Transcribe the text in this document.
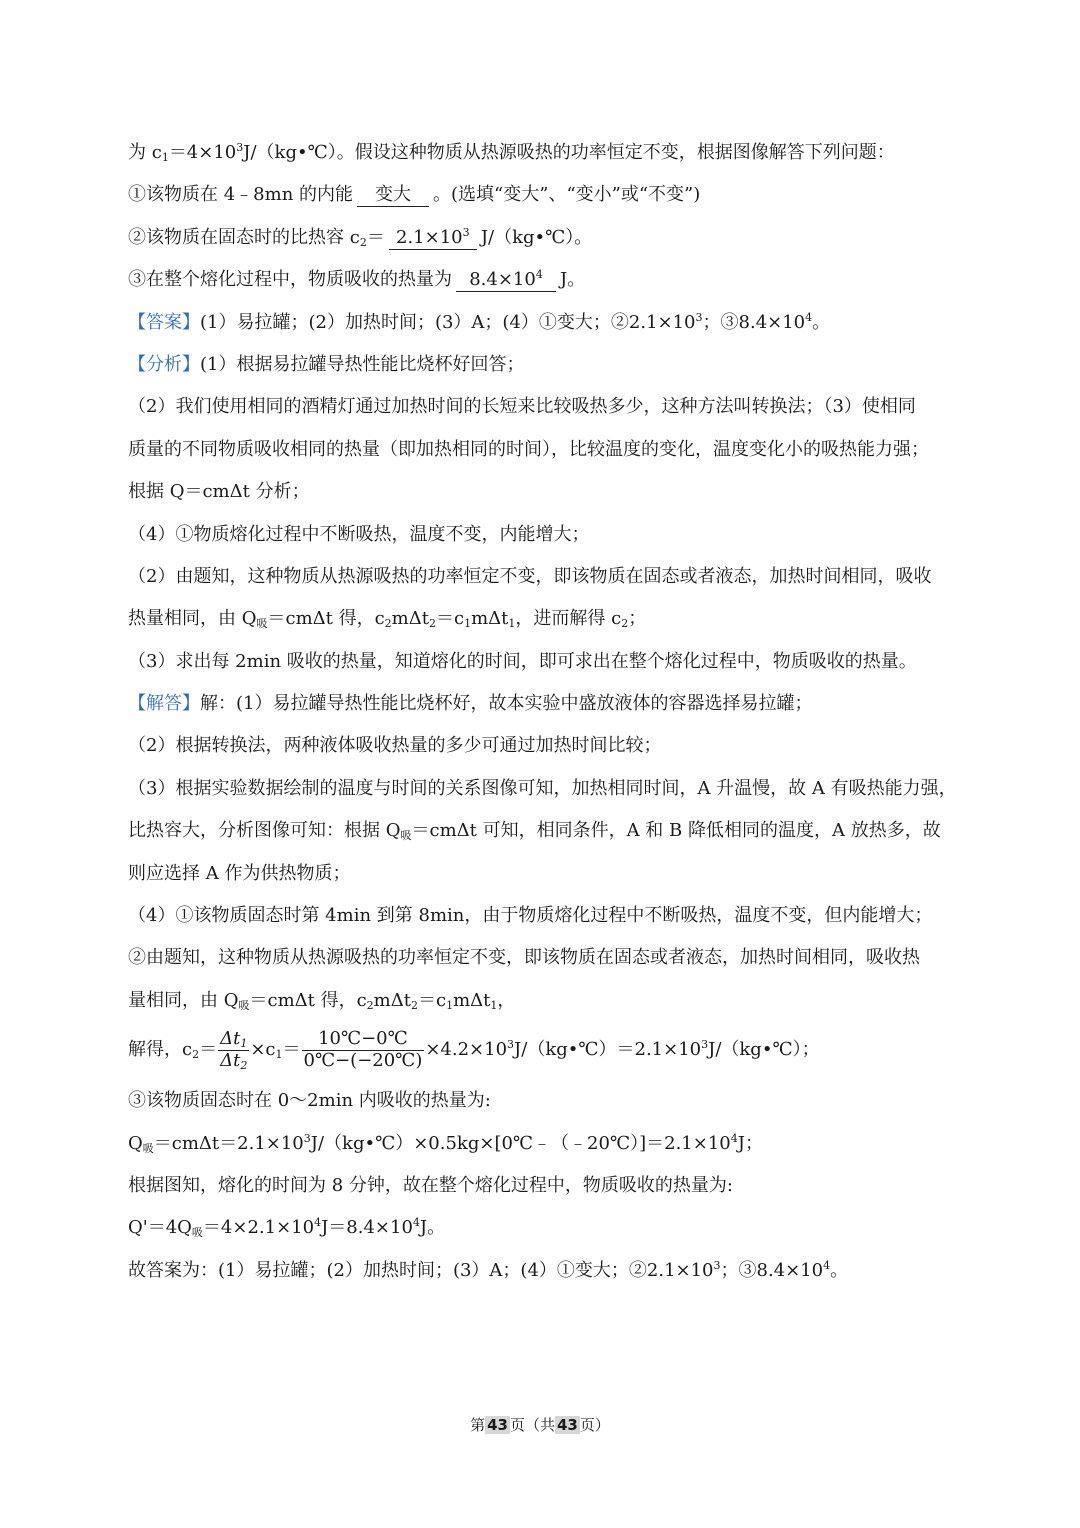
为 $c_1=4\times 10^3J/(kg•℃)$。假设这种物质从热源吸热的功率恒定不变，根据图像解答下列问题：
①该物质在 4﹣8mn 的内能 变大 。(选填“变大”、“变小”或“不变”)
②该物质在固态时的比热容 $c_2= 2.1\times 10^3$ J/（kg•℃）。
③在整个熔化过程中，物质吸收的热量为 $8.4\times 10^4$ J。
【答案】(1）易拉罐；(2）加热时间；(3）A；(4）①变大；$②2.1\times 10^3$；$③8.4\times 10^4$。
【分析】(1）根据易拉罐导热性能比烧杯好回答；
（2）我们使用相同的酒精灯通过加热时间的长短来比较吸热多少，这种方法叫转换法；（3）使相同
质量的不同物质吸收相同的热量（即加热相同的时间），比较温度的变化，温度变化小的吸热能力强；
根据 Q＝cmΔt 分析；
（4）①物质熔化过程中不断吸热，温度不变，内能增大；
（2）由题知，这种物质从热源吸热的功率恒定不变，即该物质在固态或者液态，加热时间相同，吸收
热量相同，由 $Q_吸=cm\Delta t$ 得，$c_2m\Delta t_2=c_1m\Delta t_1$，进而解得 $c_2$；
（3）求出每 2min 吸收的热量，知道熔化的时间，即可求出在整个熔化过程中，物质吸收的热量。
【解答】解：(1）易拉罐导热性能比烧杯好，故本实验中盛放液体的容器选择易拉罐；
（2）根据转换法，两种液体吸收热量的多少可通过加热时间比较；
（3）根据实验数据绘制的温度与时间的关系图像可知，加热相同时间，A 升温慢，故 A 有吸热能力强，
比热容大，分析图像可知：根据 $Q_吸=cm\Delta t$ 可知，相同条件，A 和 B 降低相同的温度，A 放热多，故
则应选择 A 作为供热物质；
（4）①该物质固态时第 4min 到第 8min，由于物质熔化过程中不断吸热，温度不变，但内能增大；
②由题知，这种物质从热源吸热的功率恒定不变，即该物质在固态或者液态，加热时间相同，吸收热
量相同，由 $Q_吸=cm\Delta t$ 得，$c_2m\Delta t_2=c_1m\Delta t_1$，
解得，$c_2= \frac{\Delta t_1}{\Delta t_2} \times c_1= \frac{10℃-0℃}{0℃-(-20℃)}$ $\times 4.2\times 10^3J/(kg•℃)=2.1\times 10^3J/(kg•℃)$；
③该物质固态时在 0～2min 内吸收的热量为:
$Q_吸=cm\Delta t=2.1\times 10^3J/(kg•℃)\times 0.5kg\times[0℃﹣(﹣20℃)]=2.1\times 10^4J$；
根据图知，熔化的时间为 8 分钟，故在整个熔化过程中，物质吸收的热量为:
$Q'=4Q_吸=4\times 2.1\times 10^4J=8.4\times 10^4J$。
故答案为：(1）易拉罐；(2）加热时间；(3）A；(4）①变大；$②2.1\times 10^3$；$③8.4\times 10^4$。
第 43 页（共 43 页）
